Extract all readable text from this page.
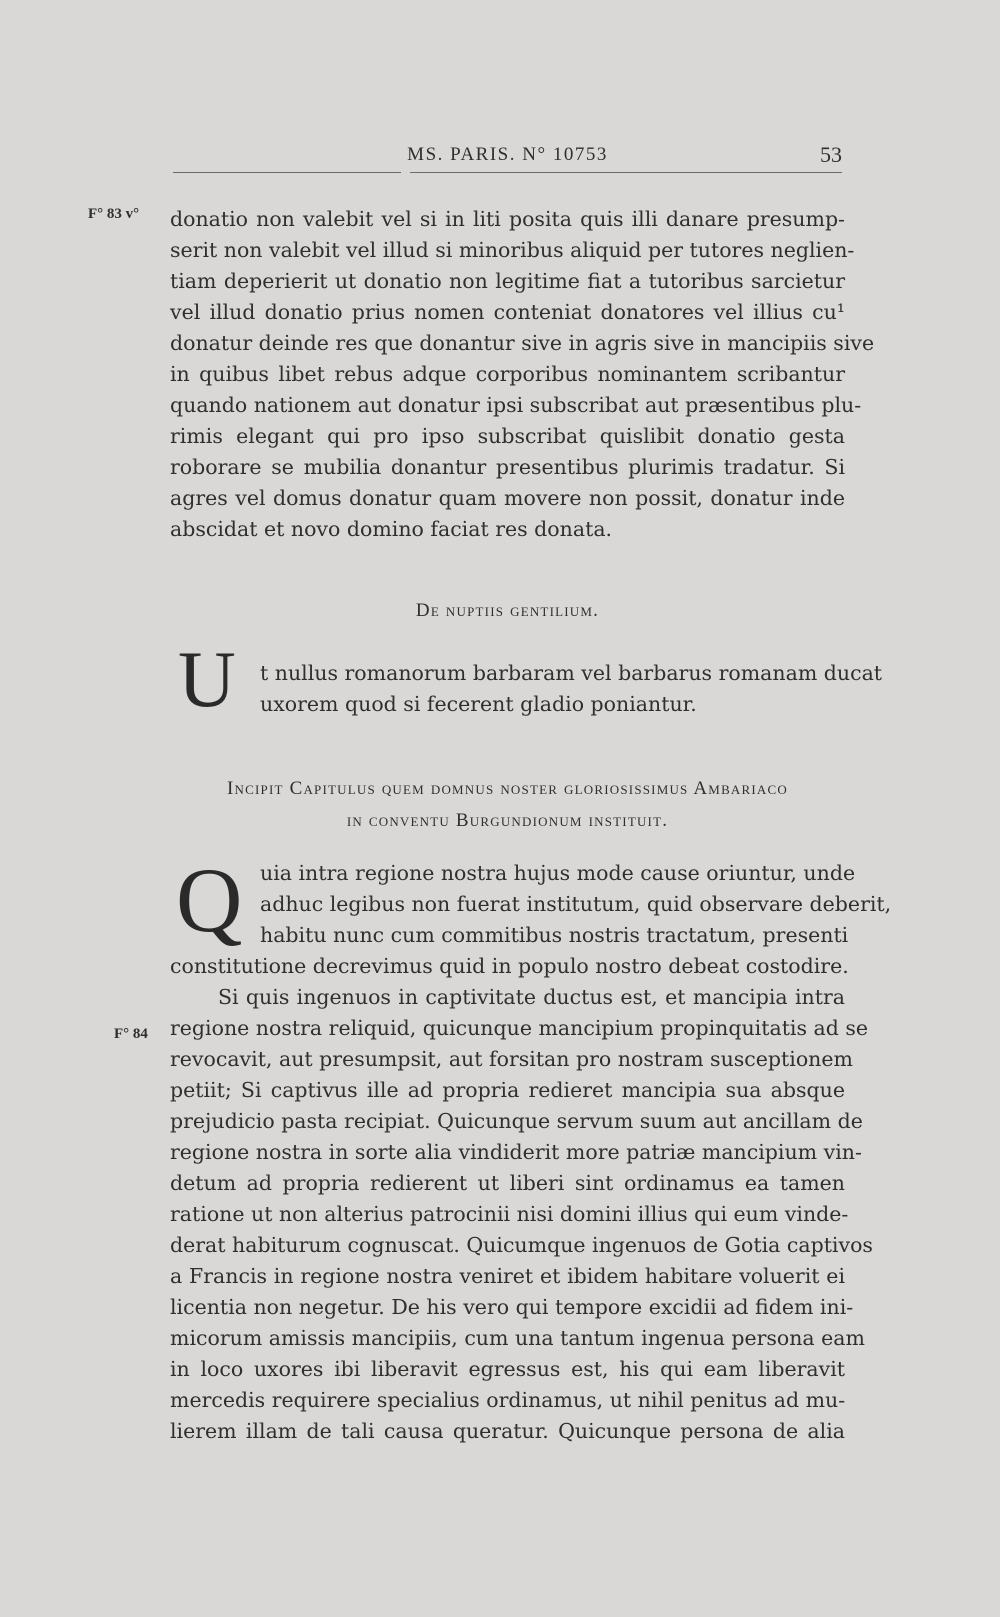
MS. PARIS. N° 10753	53
F° 83 v°
F° 84
donatio non valebit vel si in liti posita quis illi danare presump-
serit non valebit vel illud si minoribus aliquid per tutores neglien-
tiam deperierit ut donatio non legitime fiat a tutoribus sarcietur
vel illud donatio prius nomen conteniat donatores vel illius cu¹
donatur deinde res que donantur sive in agris sive in mancipiis sive
in quibus libet rebus adque corporibus nominantem scribantur
quando nationem aut donatur ipsi subscribat aut præsentibus plu-
rimis elegant qui pro ipso subscribat quislibit donatio gesta
roborare se mubilia donantur presentibus plurimis tradatur. Si
agres vel domus donatur quam movere non possit, donatur inde
abscidat et novo domino faciat res donata.
De nuptiis gentilium.
U t nullus romanorum barbaram vel barbarus romanam ducat
uxorem quod si fecerent gladio poniantur.
Incipit Capitulus quem domnus noster gloriosissimus Ambariaco
in conventu Burgundionum instituit.
Q uia intra regione nostra hujus mode cause oriuntur, unde
adhuc legibus non fuerat institutum, quid observare deberit,
habitu nunc cum commitibus nostris tractatum, presenti
constitutione decrevimus quid in populo nostro debeat costodire.
Si quis ingenuos in captivitate ductus est, et mancipia intra
regione nostra reliquid, quicunque mancipium propinquitatis ad se
revocavit, aut presumpsit, aut forsitan pro nostram susceptionem
petiit; Si captivus ille ad propria redieret mancipia sua absque
prejudicio pasta recipiat. Quicunque servum suum aut ancillam de
regione nostra in sorte alia vindiderit more patriæ mancipium vin-
detum ad propria redierent ut liberi sint ordinamus ea tamen
ratione ut non alterius patrocinii nisi domini illius qui eum vinde-
derat habiturum cognuscat. Quicumque ingenuos de Gotia captivos
a Francis in regione nostra veniret et ibidem habitare voluerit ei
licentia non negetur. De his vero qui tempore excidii ad fidem ini-
micorum amissis mancipiis, cum una tantum ingenua persona eam
in loco uxores ibi liberavit egressus est, his qui eam liberavit
mercedis requirere specialius ordinamus, ut nihil penitus ad mu-
lierem illam de tali causa queratur. Quicunque persona de alia
